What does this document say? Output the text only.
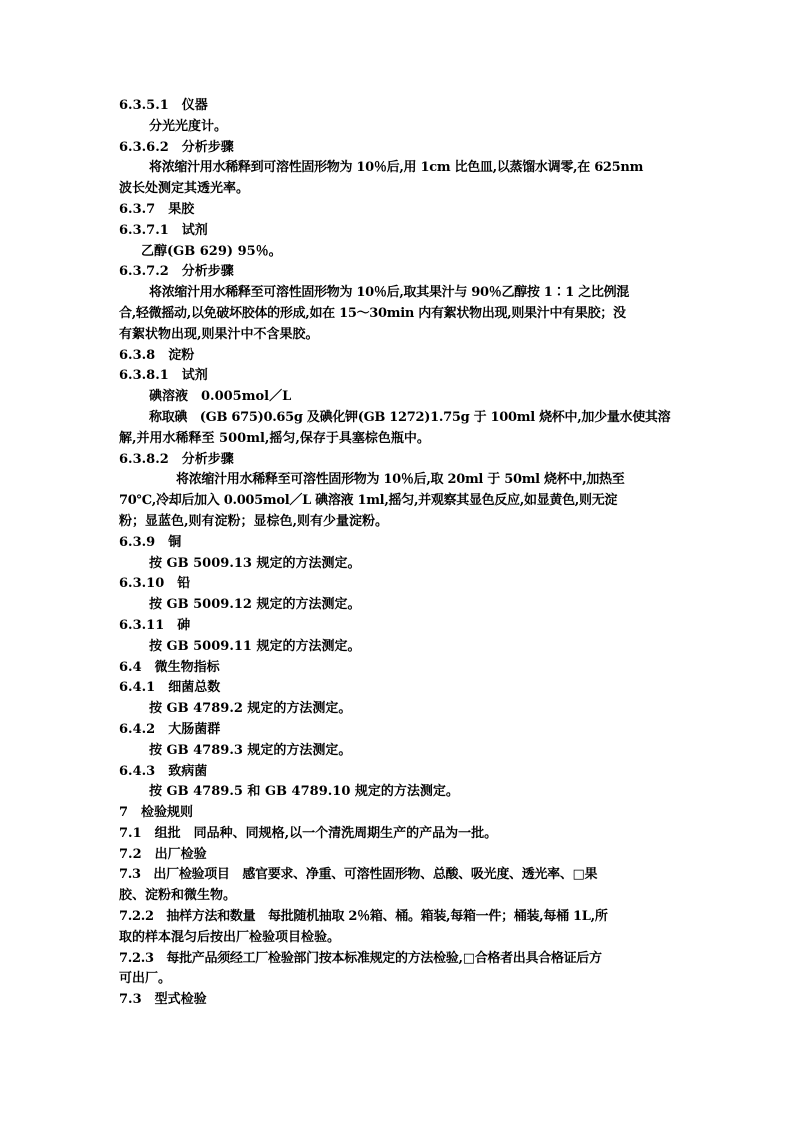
6.3.5.1　仪器
分光光度计。
6.3.6.2　分析步骤
将浓缩汁用水稀释到可溶性固形物为 10％后,用 1cm 比色皿,以蒸馏水调零,在 625nm
波长处测定其透光率。
6.3.7　果胶
6.3.7.1　试剂
乙醇(GB 629) 95％。
6.3.7.2　分析步骤
将浓缩汁用水稀释至可溶性固形物为 10％后,取其果汁与 90％乙醇按 1∶1 之比例混
合,轻微摇动,以免破坏胶体的形成,如在 15～30min 内有絮状物出现,则果汁中有果胶；没
有絮状物出现,则果汁中不含果胶。
6.3.8　淀粉
6.3.8.1　试剂
碘溶液　0.005mol／L
称取碘　(GB 675)0.65g 及碘化钾(GB 1272)1.75g 于 100ml 烧杯中,加少量水使其溶
解,并用水稀释至 500ml,摇匀,保存于具塞棕色瓶中。
6.3.8.2　分析步骤
将浓缩汁用水稀释至可溶性固形物为 10％后,取 20ml 于 50ml 烧杯中,加热至
70℃,冷却后加入 0.005mol／L 碘溶液 1ml,摇匀,并观察其显色反应,如显黄色,则无淀
粉；显蓝色,则有淀粉；显棕色,则有少量淀粉。
6.3.9　铜
按 GB 5009.13 规定的方法测定。
6.3.10　铅
按 GB 5009.12 规定的方法测定。
6.3.11　砷
按 GB 5009.11 规定的方法测定。
6.4　微生物指标
6.4.1　细菌总数
按 GB 4789.2 规定的方法测定。
6.4.2　大肠菌群
按 GB 4789.3 规定的方法测定。
6.4.3　致病菌
按 GB 4789.5 和 GB 4789.10 规定的方法测定。
7　检验规则
7.1　组批　同品种、同规格,以一个清洗周期生产的产品为一批。
7.2　出厂检验
7.3　出厂检验项目　感官要求、净重、可溶性固形物、总酸、吸光度、透光率、□果
胶、淀粉和微生物。
7.2.2　抽样方法和数量　每批随机抽取 2％箱、桶。箱装,每箱一件；桶装,每桶 1L,所
取的样本混匀后按出厂检验项目检验。
7.2.3　每批产品须经工厂检验部门按本标准规定的方法检验,□合格者出具合格证后方
可出厂。
7.3　型式检验
